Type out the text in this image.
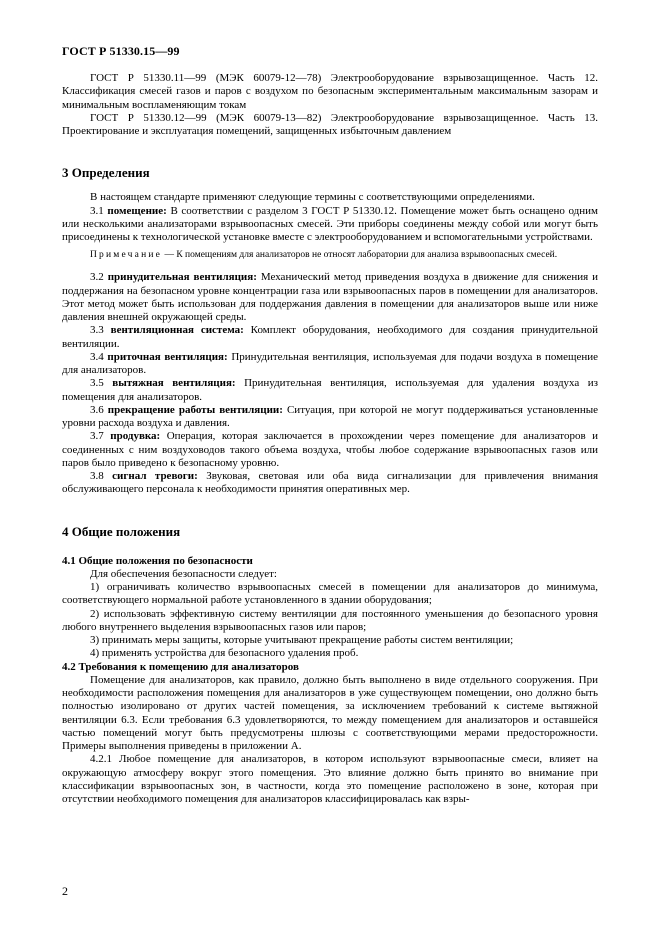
ГОСТ Р 51330.15—99

ГОСТ Р 51330.11—99 (МЭК 60079-12—78) Электрооборудование взрывозащищенное. Часть 12. Классификация смесей газов и паров с воздухом по безопасным экспериментальным максимальным зазорам и минимальным воспламеняющим токам

ГОСТ Р 51330.12—99 (МЭК 60079-13—82) Электрооборудование взрывозащищенное. Часть 13. Проектирование и эксплуатация помещений, защищенных избыточным давлением

3 Определения

В настоящем стандарте применяют следующие термины с соответствующими определениями.

3.1 помещение: В соответствии с разделом 3 ГОСТ Р 51330.12. Помещение может быть оснащено одним или несколькими анализаторами взрывоопасных смесей. Эти приборы соединены между собой или могут быть присоединены к технологической установке вместе с электрооборудованием и вспомогательными устройствами.

Примечание — К помещениям для анализаторов не относят лаборатории для анализа взрывоопасных смесей.

3.2 принудительная вентиляция: Механический метод приведения воздуха в движение для снижения и поддержания на безопасном уровне концентрации газа или взрывоопасных паров в помещении для анализаторов. Этот метод может быть использован для поддержания давления в помещении для анализаторов выше или ниже давления внешней окружающей среды.

3.3 вентиляционная система: Комплект оборудования, необходимого для создания принудительной вентиляции.

3.4 приточная вентиляция: Принудительная вентиляция, используемая для подачи воздуха в помещение для анализаторов.

3.5 вытяжная вентиляция: Принудительная вентиляция, используемая для удаления воздуха из помещения для анализаторов.

3.6 прекращение работы вентиляции: Ситуация, при которой не могут поддерживаться установленные уровни расхода воздуха и давления.

3.7 продувка: Операция, которая заключается в прохождении через помещение для анализаторов и соединенных с ним воздуховодов такого объема воздуха, чтобы любое содержание взрывоопасных газов или паров было приведено к безопасному уровню.

3.8 сигнал тревоги: Звуковая, световая или оба вида сигнализации для привлечения внимания обслуживающего персонала к необходимости принятия оперативных мер.

4 Общие положения

4.1 Общие положения по безопасности

Для обеспечения безопасности следует:

1) ограничивать количество взрывоопасных смесей в помещении для анализаторов до минимума, соответствующего нормальной работе установленного в здании оборудования;

2) использовать эффективную систему вентиляции для постоянного уменьшения до безопасного уровня любого внутреннего выделения взрывоопасных газов или паров;

3) принимать меры защиты, которые учитывают прекращение работы систем вентиляции;

4) применять устройства для безопасного удаления проб.

4.2 Требования к помещению для анализаторов

Помещение для анализаторов, как правило, должно быть выполнено в виде отдельного сооружения. При необходимости расположения помещения для анализаторов в уже существующем помещении, оно должно быть полностью изолировано от других частей помещения, за исключением требований к системе вытяжной вентиляции 6.3. Если требования 6.3 удовлетворяются, то между помещением для анализаторов и оставшейся частью помещений могут быть предусмотрены шлюзы с соответствующими мерами предосторожности. Примеры выполнения приведены в приложении А.

4.2.1 Любое помещение для анализаторов, в котором используют взрывоопасные смеси, влияет на окружающую атмосферу вокруг этого помещения. Это влияние должно быть принято во внимание при классификации взрывоопасных зон, в частности, когда это помещение расположено в зоне, которая при отсутствии необходимого помещения для анализаторов классифицировалась как взры-

2
